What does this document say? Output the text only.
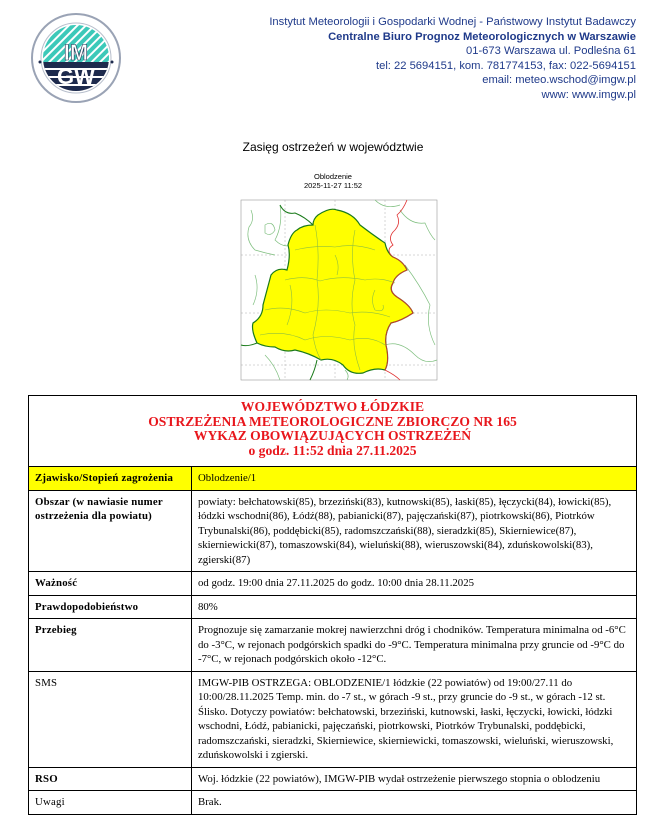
IM
GW
Instytut Meteorologii i Gospodarki Wodnej - Państwowy Instytut Badawczy
Centralne Biuro Prognoz Meteorologicznych w Warszawie
01-673 Warszawa ul. Podleśna 61
tel: 22 5694151, kom. 781774153, fax: 022-5694151
email: meteo.wschod@imgw.pl
www: www.imgw.pl
Zasięg ostrzeżeń w województwie
Oblodzenie
2025-11-27 11:52
WOJEWÓDZTWO ŁÓDZKIE
OSTRZEŻENIA METEOROLOGICZNE ZBIORCZO NR 165
WYKAZ OBOWIĄZUJĄCYCH OSTRZEŻEŃ
o godz. 11:52 dnia 27.11.2025	

Zjawisko/Stopień zagrożenia	Oblodzenie/1
Obszar (w nawiasie numer ostrzeżenia dla powiatu)	powiaty: bełchatowski(85), brzeziński(83), kutnowski(85), łaski(85), łęczycki(84), łowicki(85), łódzki wschodni(86), Łódź(88), pabianicki(87), pajęczański(87), piotrkowski(86), Piotrków Trybunalski(86), poddębicki(85), radomszczański(88), sieradzki(85), Skierniewice(87), skierniewicki(87), tomaszowski(84), wieluński(88), wieruszowski(84), zduńskowolski(83), zgierski(87)
Ważność	od godz. 19:00 dnia 27.11.2025 do godz. 10:00 dnia 28.11.2025
Prawdopodobieństwo	80%
Przebieg	Prognozuje się zamarzanie mokrej nawierzchni dróg i chodników. Temperatura minimalna od -6°C do -3°C, w rejonach podgórskich spadki do -9°C. Temperatura minimalna przy gruncie od -9°C do -7°C, w rejonach podgórskich około -12°C.
SMS	IMGW-PIB OSTRZEGA: OBLODZENIE/1 łódzkie (22 powiatów) od 19:00/27.11 do 10:00/28.11.2025 Temp. min. do -7 st., w górach -9 st., przy gruncie do -9 st., w górach -12 st. Ślisko. Dotyczy powiatów: bełchatowski, brzeziński, kutnowski, łaski, łęczycki, łowicki, łódzki wschodni, Łódź, pabianicki, pajęczański, piotrkowski, Piotrków Trybunalski, poddębicki, radomszczański, sieradzki, Skierniewice, skierniewicki, tomaszowski, wieluński, wieruszowski, zduńskowolski i zgierski.
RSO	Woj. łódzkie (22 powiatów), IMGW-PIB wydał ostrzeżenie pierwszego stopnia o oblodzeniu
Uwagi	Brak.
